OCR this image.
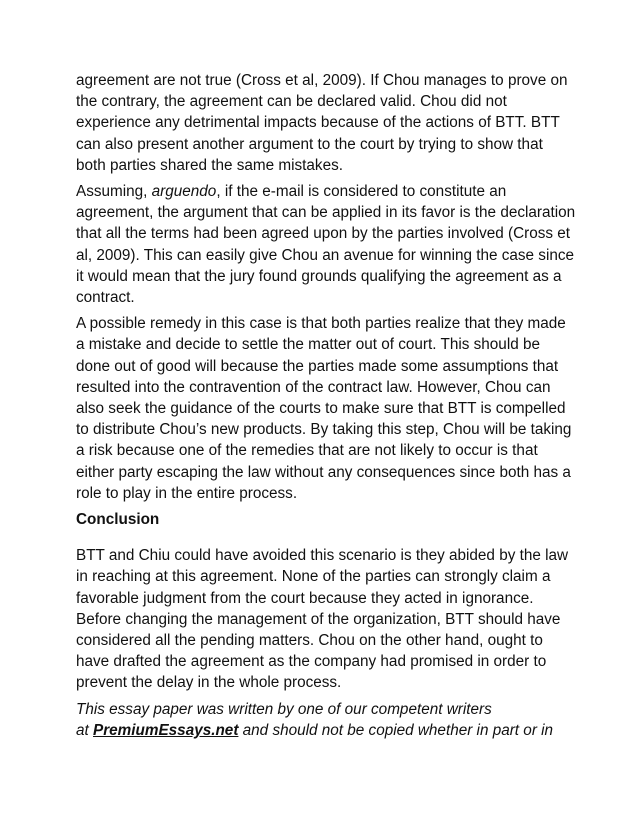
agreement are not true (Cross et al, 2009). If Chou manages to prove on the contrary, the agreement can be declared valid. Chou did not experience any detrimental impacts because of the actions of BTT. BTT can also present another argument to the court by trying to show that both parties shared the same mistakes.

Assuming, arguendo, if the e-mail is considered to constitute an agreement, the argument that can be applied in its favor is the declaration that all the terms had been agreed upon by the parties involved (Cross et al, 2009). This can easily give Chou an avenue for winning the case since it would mean that the jury found grounds qualifying the agreement as a contract.

A possible remedy in this case is that both parties realize that they made a mistake and decide to settle the matter out of court. This should be done out of good will because the parties made some assumptions that resulted into the contravention of the contract law. However, Chou can also seek the guidance of the courts to make sure that BTT is compelled to distribute Chou’s new products. By taking this step, Chou will be taking a risk because one of the remedies that are not likely to occur is that either party escaping the law without any consequences since both has a role to play in the entire process.

Conclusion

BTT and Chiu could have avoided this scenario is they abided by the law in reaching at this agreement. None of the parties can strongly claim a favorable judgment from the court because they acted in ignorance. Before changing the management of the organization, BTT should have considered all the pending matters. Chou on the other hand, ought to have drafted the agreement as the company had promised in order to prevent the delay in the whole process.

This essay paper was written by one of our competent writers
at PremiumEssays.net and should not be copied whether in part or in
